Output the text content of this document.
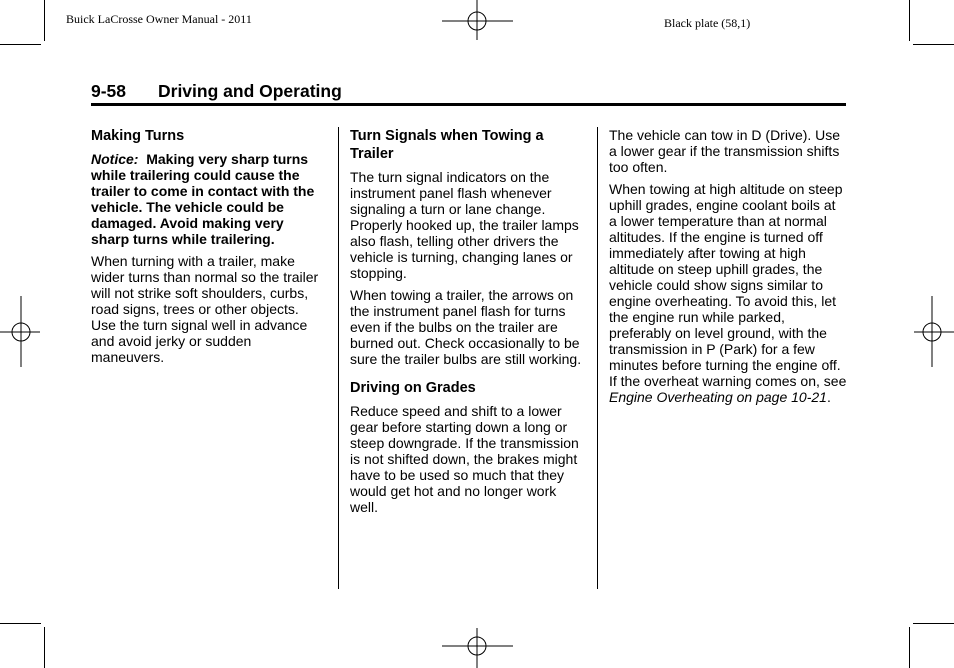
Buick LaCrosse Owner Manual - 2011	Black plate (58,1)
9-58 Driving and Operating
Making Turns

Notice: Making very sharp turns while trailering could cause the trailer to come in contact with the vehicle. The vehicle could be damaged. Avoid making very sharp turns while trailering.

When turning with a trailer, make wider turns than normal so the trailer will not strike soft shoulders, curbs, road signs, trees or other objects. Use the turn signal well in advance and avoid jerky or sudden maneuvers.

Turn Signals when Towing a Trailer

The turn signal indicators on the instrument panel flash whenever signaling a turn or lane change. Properly hooked up, the trailer lamps also flash, telling other drivers the vehicle is turning, changing lanes or stopping.

When towing a trailer, the arrows on the instrument panel flash for turns even if the bulbs on the trailer are burned out. Check occasionally to be sure the trailer bulbs are still working.

Driving on Grades

Reduce speed and shift to a lower gear before starting down a long or steep downgrade. If the transmission is not shifted down, the brakes might have to be used so much that they would get hot and no longer work well.

The vehicle can tow in D (Drive). Use a lower gear if the transmission shifts too often.

When towing at high altitude on steep uphill grades, engine coolant boils at a lower temperature than at normal altitudes. If the engine is turned off immediately after towing at high altitude on steep uphill grades, the vehicle could show signs similar to engine overheating. To avoid this, let the engine run while parked, preferably on level ground, with the transmission in P (Park) for a few minutes before turning the engine off. If the overheat warning comes on, see Engine Overheating on page 10-21.
